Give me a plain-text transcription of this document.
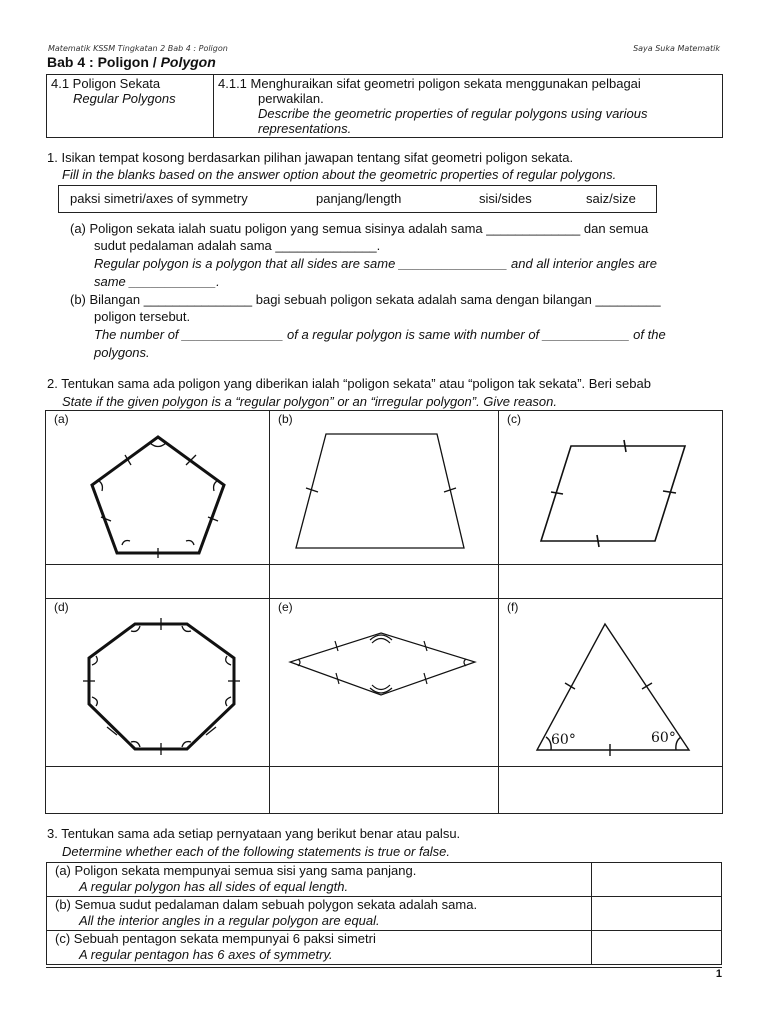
Matematik KSSM Tingkatan 2 Bab 4 : Poligon	Saya Suka Matematik
Bab 4 : Poligon / Polygon
4.1 Poligon Sekata
Regular Polygons

4.1.1 Menghuraikan sifat geometri poligon sekata menggunakan pelbagai
perwakilan.
Describe the geometric properties of regular polygons using various
representations.
1. Isikan tempat kosong berdasarkan pilihan jawapan tentang sifat geometri poligon sekata.
Fill in the blanks based on the answer option about the geometric properties of regular polygons.
paksi simetri/axes of symmetry	panjang/length	sisi/sides	saiz/size
(a) Poligon sekata ialah suatu poligon yang semua sisinya adalah sama _____________ dan semua
sudut pedalaman adalah sama ______________.
Regular polygon is a polygon that all sides are same _______________ and all interior angles are
same ____________.
(b) Bilangan _______________ bagi sebuah poligon sekata adalah sama dengan bilangan _________
poligon tersebut.
The number of ______________ of a regular polygon is same with number of ____________ of the
polygons.
2. Tentukan sama ada poligon yang diberikan ialah “poligon sekata” atau “poligon tak sekata”. Beri sebab
State if the given polygon is a “regular polygon” or an “irregular polygon”. Give reason.
(a)	(b)	(c)
(d)	(e)	(f)
60°	60°
3. Tentukan sama ada setiap pernyataan yang berikut benar atau palsu.
Determine whether each of the following statements is true or false.
(a) Poligon sekata mempunyai semua sisi yang sama panjang.
A regular polygon has all sides of equal length.	

(b) Semua sudut pedalaman dalam sebuah polygon sekata adalah sama.
All the interior angles in a regular polygon are equal.	

(c) Sebuah pentagon sekata mempunyai 6 paksi simetri
A regular pentagon has 6 axes of symmetry.	

1
